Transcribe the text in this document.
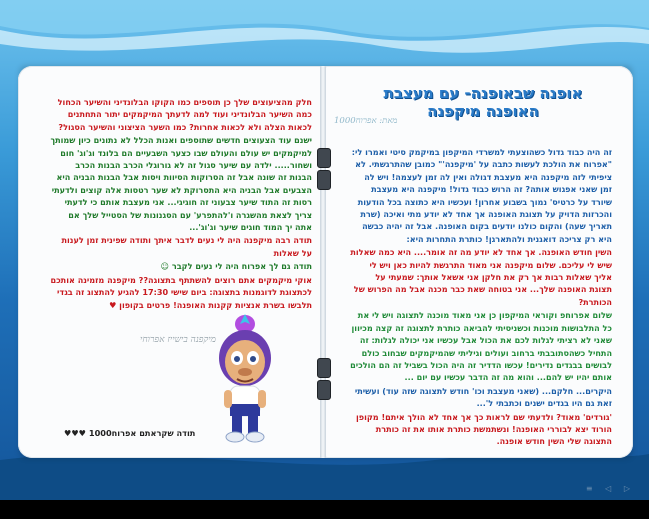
אופנה שבאופנה- עם מעצבת האופנה מיקפנה
מאת: אפרוח1000

זה היה כבוד גדול כשהוצעתי למשרדי המיקפון במיקמק סיטי ואמרו לי: "אפרוח את הולכת לעשות כתבה על 'מיקפנה'" כמובן שהתרגשתי. לא ציפיתי לזה מיקפנה היא מעצבת דגולה ואין לה זמן לעצמה! ויש לה זמן שאני אפגוש אותה? זה הרוש כבוד גדול! מיקפנה היא מעצבת שיורד על כרטיס' נמוך בשבוע אחרון! ועכשיו היא כתוצה בכל הודעות והכרזות הדויק על תצוגת האופנה אך אחד לא יודע מתי ואיכה (שרת תאריך שעה) והקום כולנו יודעים בקום האופנה. אבל זה יהיה כבשה היא רק צריכה דואגנית ולהתארגן! כותרת התחרות היא:

השין חודש האופנה. אך אחד לא יודע מה זה אומר.... היא כמה שאלות שיש לי עליכם. שלום מיקפנה אני מאוד התרגשת להיות כאן ויש לי אליך שאלות רבות אך רק את חלקן אני אשאל אותך: שמעתי על תצוגת האופנה שלך... אני בטוחה שאת כבר מכנה אבל מה הפרוש של הכותרת?

שלום אפרוחפ וקוראי המיקפון כן אני מאוד מוכנה לתצוגה ויש לי את כל התלבושות מוכנות וכשניסיתי להביאה כותרת לתצוגה זה קצה מכיוון שאני לא רציתי לגלות לכם את הכול אבל עכשיו אני יכולה לגלות: זה התחיל כשהסתובבתי ברחוב ועולים וגיליתי שהמיקמקים שבחוב כולם לבושים בבגדים נדירים! עכשו הדדיר זה היה הכול בשביל זה הם הולכים אותם יהיו יש להם... והוא מה זה הדבר עכשיו עם יום ...

היקרים... חלקם... (שאני מעצבת וכו' חודש לתצוגה שזה עוד) ועשיתי זאת גם היו בגדים ישנים וכתבתי ל'...

'גורדים' מאוד? ולדעתי שם לראות כך אך אחד לא הולך איתם! מקופן הורוד יצא לבוררי האופנה! ונשתמשת כותרת אותו את זה כותרת התצוגה שלי השין חודש אופנה.

חלק מהציעוצים שלך כן תוספים כמו הקוקו הבלונדיני והשיער הכחול כמה השיער הבלונדיני ועוד למה לדעתך המיקמקים יתור התחתנים לכאות הצלה ולא לכאות אחרות? כמו השער הציצוני והשיער הסגול?

ישנם עוד הצעוצים חדשים שתוספים ואנות הכלל לא נתונים כיון שמותך למיקמקים יש עולם והעולם שבו כצער השבעיים הם בלונד וג'וג' חום ושחור..... ילדה עם שיער סגול זה לא גורוגלי הכרב הבנות הכרב הבנות זה שונה אבל זה הסרוקות הסיוות ויסות אבל הבנות הבניה היא הצבעים אבל הבניה היא התסרוקת לא שער רטסות אלה קוצים ולדעתי רסות זה התוד שיער צבעוני זה חוגיגי... אני מעצבת אותם כי לדעתי צריך לצאת מהשגרה ו'להתפרע' עם הסגנונות של הסטייל שלך אם אתה יך המוד חוגים שיער וג'וג'...

תודה רבה מיקפנה היה לי נעים לדבר איתך ותודה שפינית זמן לענות על שאלות

תודה גם לך אפרוח היה לי נעים לקבר ☺

אוקי מיקמקים אתם רוצים להשתתף בתצוגה?? מיקפנה מזמינה אותכם לכתצוגת לדוגמנות בתצוגה: ביום שישי 17:30 להגיע להתצוג זה בגדי תלבשו בשרת אנציות קקנות האופנה! פרטים בקופון ♥

מיקפנה בישייז אפרוחי
תודה שקראתם אפרוח1000 ♥♥♥
≡ ◁ ▷
